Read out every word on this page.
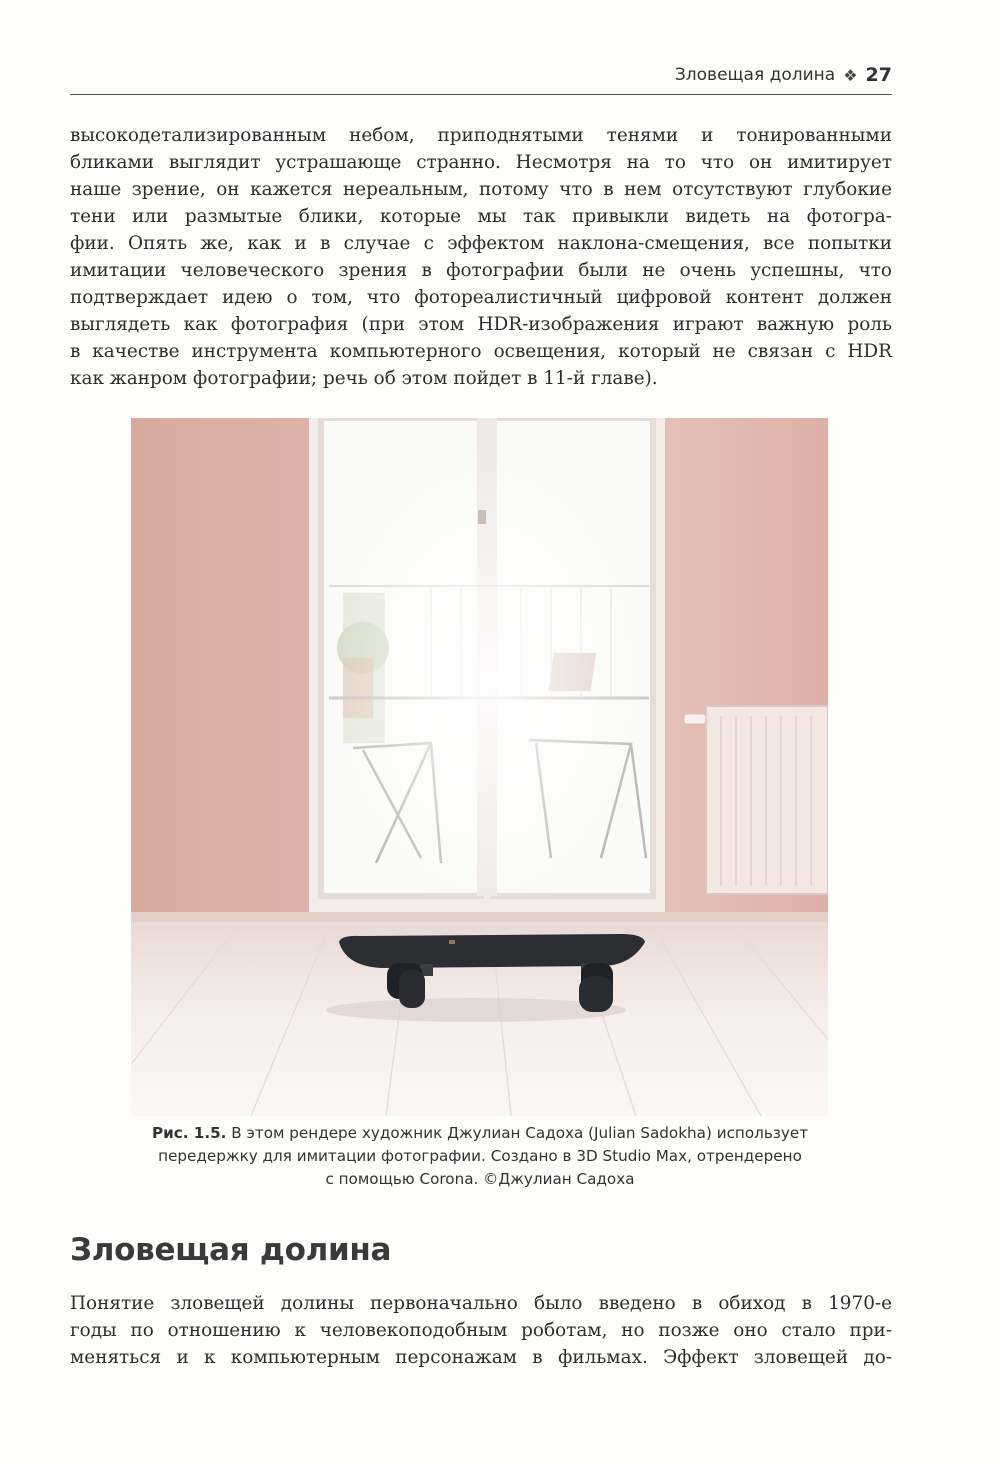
Зловещая долина ❖ 27

высокодетализированным небом, приподнятыми тенями и тонированными
бликами выглядит устрашающе странно. Несмотря на то что он имитирует
наше зрение, он кажется нереальным, потому что в нем отсутствуют глубокие
тени или размытые блики, которые мы так привыкли видеть на фотогра-
фии. Опять же, как и в случае с эффектом наклона-смещения, все попытки
имитации человеческого зрения в фотографии были не очень успешны, что
подтверждает идею о том, что фотореалистичный цифровой контент должен
выглядеть как фотография (при этом HDR-изображения играют важную роль
в качестве инструмента компьютерного освещения, который не связан с HDR
как жанром фотографии; речь об этом пойдет в 11-й главе).

Рис. 1.5. В этом рендере художник Джулиан Садоха (Julian Sadokha) использует
передержку для имитации фотографии. Создано в 3D Studio Max, отрендерено
с помощью Corona. ©Джулиан Садоха
Зловещая долина

Понятие зловещей долины первоначально было введено в обиход в 1970-е
годы по отношению к человекоподобным роботам, но позже оно стало при-
меняться и к компьютерным персонажам в фильмах. Эффект зловещей до-
